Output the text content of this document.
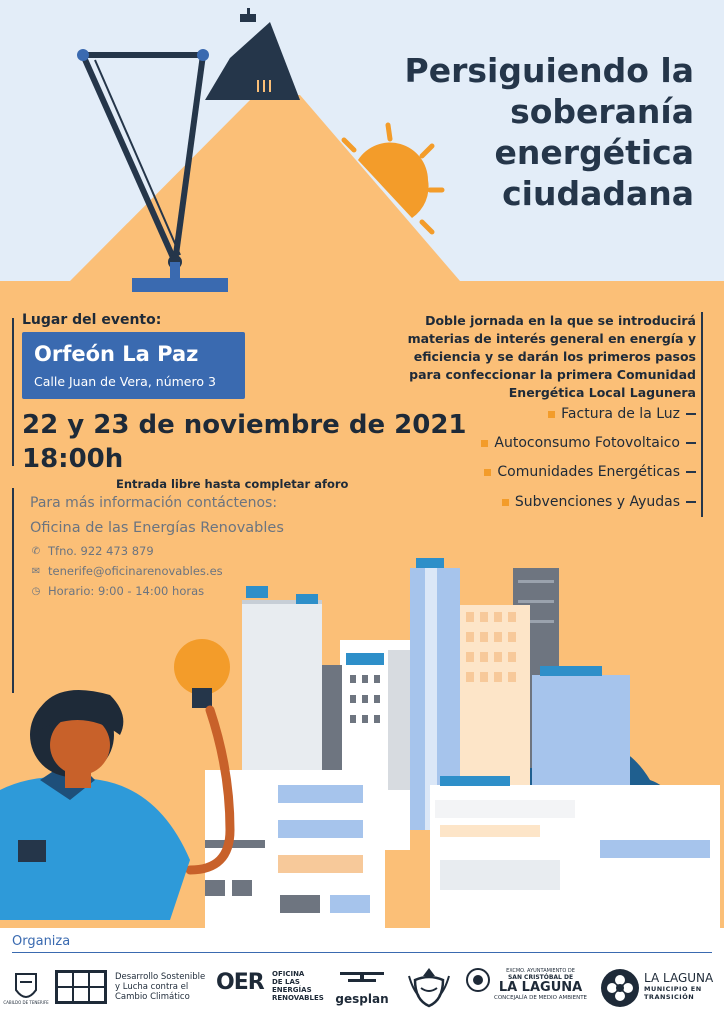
Persiguiendo la
soberanía
energética
ciudadana
Lugar del evento:
Orfeón La Paz
Calle Juan de Vera, número 3
22 y 23 de noviembre de 2021
18:00h
Entrada libre hasta completar aforo
Para más información contáctenos:
Oficina de las Energías Renovables
✆ Tfno. 922 473 879
✉ tenerife@oficinarenovables.es
◷ Horario: 9:00 - 14:00 horas
Doble jornada en la que se introducirá
materias de interés general en energía y
eficiencia y se darán los primeros pasos
para confeccionar la primera Comunidad
Energética Local Lagunera
Factura de la Luz
Autoconsumo Fotovoltaico
Comunidades Energéticas
Subvenciones y Ayudas
Organiza
CABILDO DE TENERIFE
Desarrollo Sostenible
y Lucha contra el
Cambio Climático
OER OFICINA
DE LAS
ENERGÍAS
RENOVABLES gesplan
EXCMO. AYUNTAMIENTO DE
SAN CRISTÓBAL DE
LA LAGUNA
CONCEJALÍA DE MEDIO AMBIENTE
LA LAGUNA
MUNICIPIO EN
TRANSICIÓN
